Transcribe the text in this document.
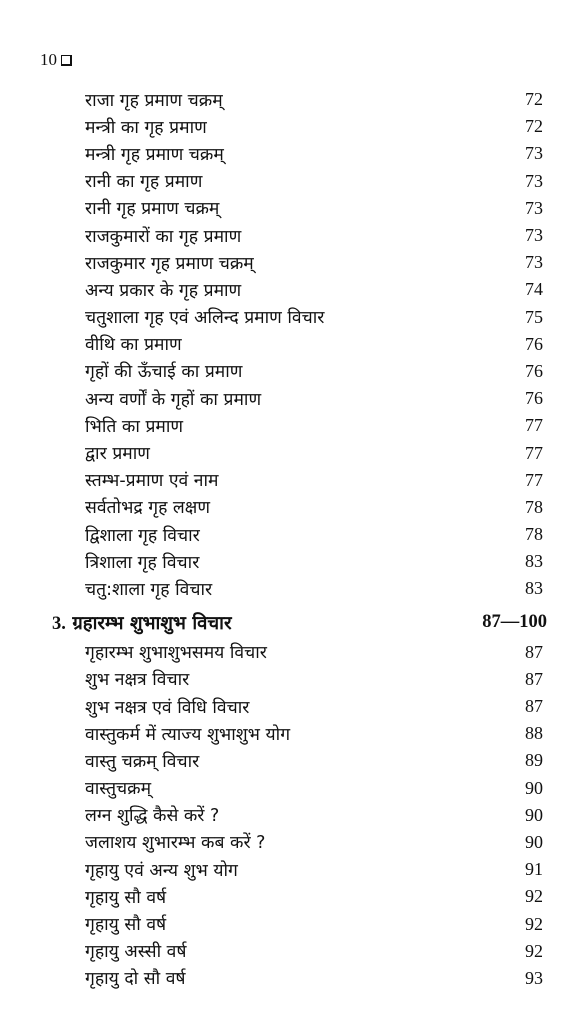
10
राजा गृह प्रमाण चक्रम्	72
मन्त्री का गृह प्रमाण	72
मन्त्री गृह प्रमाण चक्रम्	73
रानी का गृह प्रमाण	73
रानी गृह प्रमाण चक्रम्	73
राजकुमारों का गृह प्रमाण	73
राजकुमार गृह प्रमाण चक्रम्	73
अन्य प्रकार के गृह प्रमाण	74
चतुशाला गृह एवं अलिन्द प्रमाण विचार	75
वीथि का प्रमाण	76
गृहों की ऊँचाई का प्रमाण	76
अन्य वर्णों के गृहों का प्रमाण	76
भिति का प्रमाण	77
द्वार प्रमाण	77
स्तम्भ-प्रमाण एवं नाम	77
सर्वतोभद्र गृह लक्षण	78
द्विशाला गृह विचार	78
त्रिशाला गृह विचार	83
चतु:शाला गृह विचार	83
3. ग्रहारम्भ शुभाशुभ विचार	87—100
गृहारम्भ शुभाशुभसमय विचार	87
शुभ नक्षत्र विचार	87
शुभ नक्षत्र एवं विधि विचार	87
वास्तुकर्म में त्याज्य शुभाशुभ योग	88
वास्तु चक्रम् विचार	89
वास्तुचक्रम्	90
लग्न शुद्धि कैसे करें ?	90
जलाशय शुभारम्भ कब करें ?	90
गृहायु एवं अन्य शुभ योग	91
गृहायु सौ वर्ष	92
गृहायु सौ वर्ष	92
गृहायु अस्सी वर्ष	92
गृहायु दो सौ वर्ष	93
